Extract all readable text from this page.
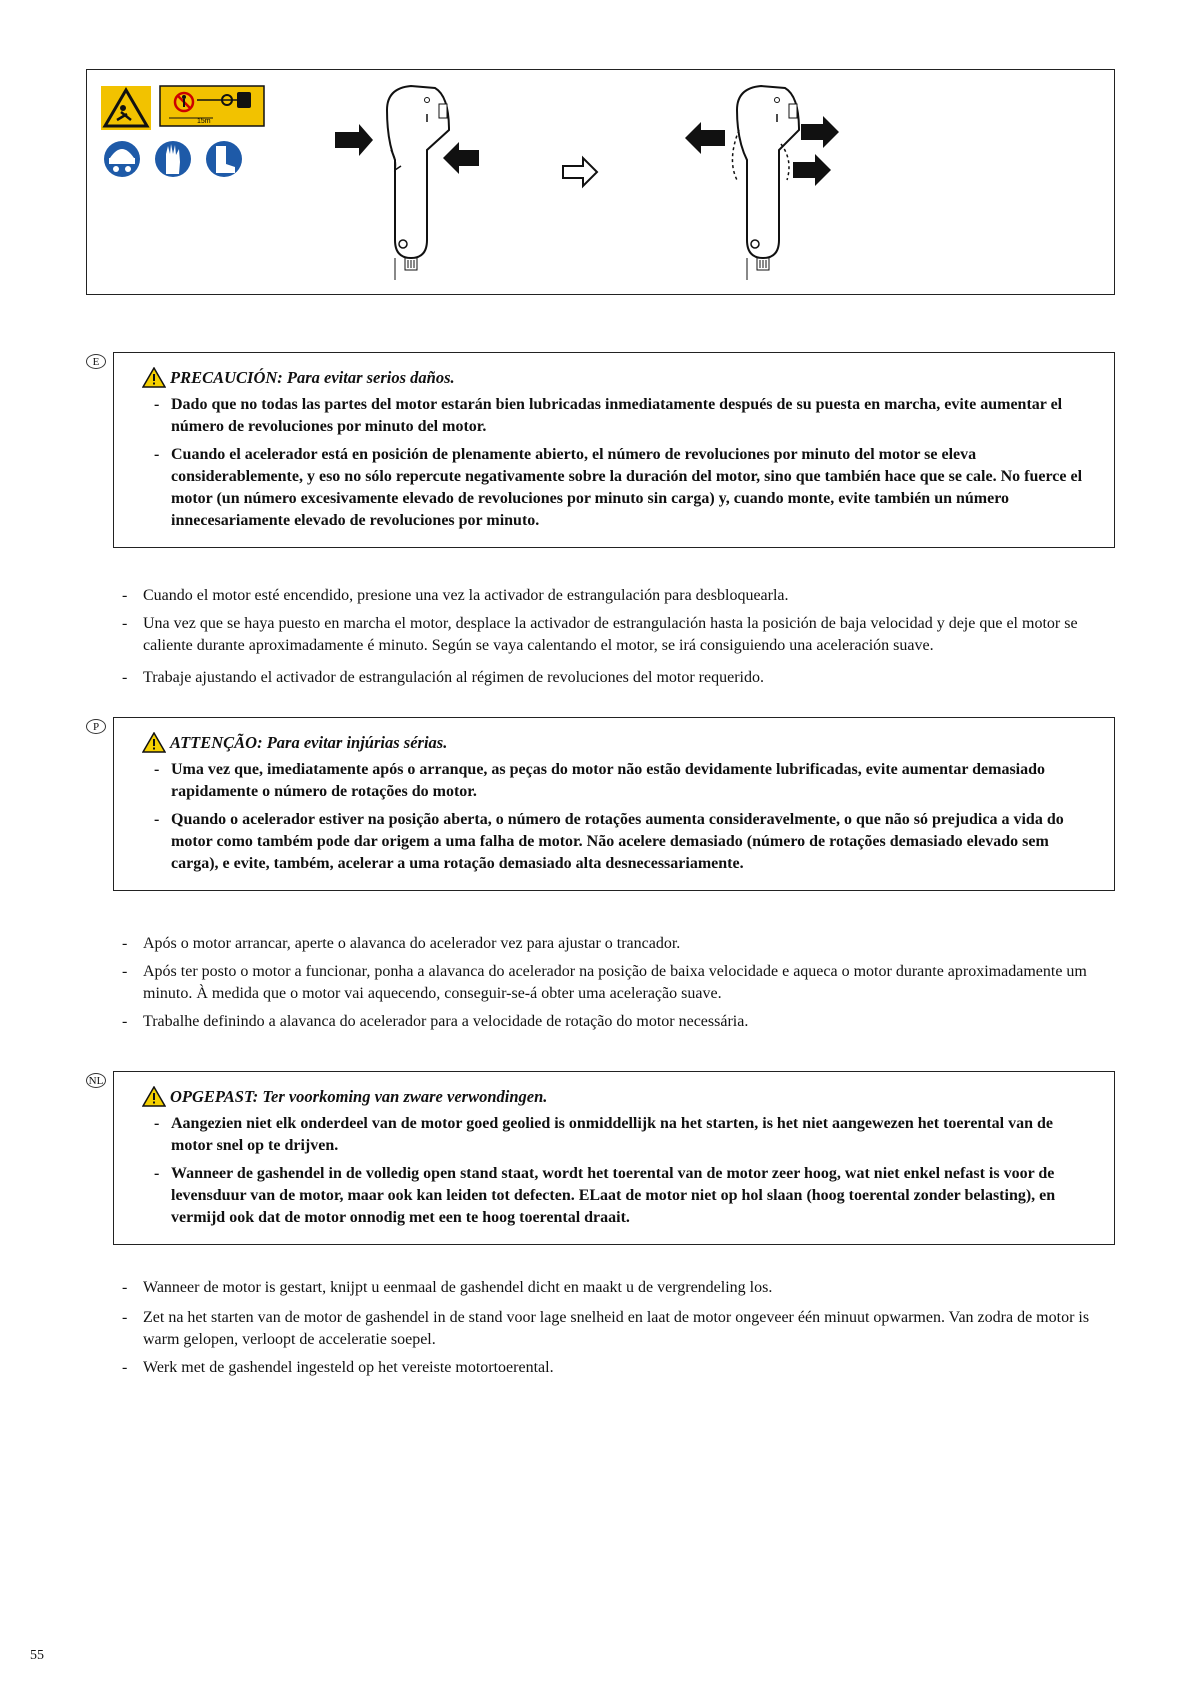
15m
E
PRECAUCIÓN: Para evitar serios daños.
- Dado que no todas las partes del motor estarán bien lubricadas inmediatamente después de su puesta en marcha, evite aumentar el número de revoluciones por minuto del motor.
- Cuando el acelerador está en posición de plenamente abierto, el número de revoluciones por minuto del motor se eleva considerablemente, y eso no sólo repercute negativamente sobre la duración del motor, sino que también hace que se cale. No fuerce el motor (un número excesivamente elevado de revoluciones por minuto sin carga) y, cuando monte, evite también un número innecesariamente elevado de revoluciones por minuto.
- Cuando el motor esté encendido, presione una vez la activador de estrangulación para desbloquearla.
- Una vez que se haya puesto en marcha el motor, desplace la activador de estrangulación hasta la posición de baja velocidad y deje que el motor se caliente durante aproximadamente é minuto. Según se vaya calentando el motor, se irá consiguiendo una aceleración suave.
- Trabaje ajustando el activador de estrangulación al régimen de revoluciones del motor requerido.
P
ATTENÇÃO: Para evitar injúrias sérias.
- Uma vez que, imediatamente após o arranque, as peças do motor não estão devidamente lubrificadas, evite aumentar demasiado rapidamente o número de rotações do motor.
- Quando o acelerador estiver na posição aberta, o número de rotações aumenta consideravelmente, o que não só prejudica a vida do motor como também pode dar origem a uma falha de motor. Não acelere demasiado (número de rotações demasiado elevado sem carga), e evite, também, acelerar a uma rotação demasiado alta desnecessariamente.
- Após o motor arrancar, aperte o alavanca do acelerador vez para ajustar o trancador.
- Após ter posto o motor a funcionar, ponha a alavanca do acelerador na posição de baixa velocidade e aqueca o motor durante aproximadamente um minuto. À medida que o motor vai aquecendo, conseguir-se-á obter uma aceleração suave.
- Trabalhe definindo a alavanca do acelerador para a velocidade de rotação do motor necessária.
NL
OPGEPAST: Ter voorkoming van zware verwondingen.
- Aangezien niet elk onderdeel van de motor goed geolied is onmiddellijk na het starten, is het niet aangewezen het toerental van de motor snel op te drijven.
- Wanneer de gashendel in de volledig open stand staat, wordt het toerental van de motor zeer hoog, wat niet enkel nefast is voor de levensduur van de motor, maar ook kan leiden tot defecten. ELaat de motor niet op hol slaan (hoog toerental zonder belasting), en vermijd ook dat de motor onnodig met een te hoog toerental draait.
- Wanneer de motor is gestart, knijpt u eenmaal de gashendel dicht en maakt u de vergrendeling los.
- Zet na het starten van de motor de gashendel in de stand voor lage snelheid en laat de motor ongeveer één minuut opwarmen. Van zodra de motor is warm gelopen, verloopt de acceleratie soepel.
- Werk met de gashendel ingesteld op het vereiste motortoerental.
55
